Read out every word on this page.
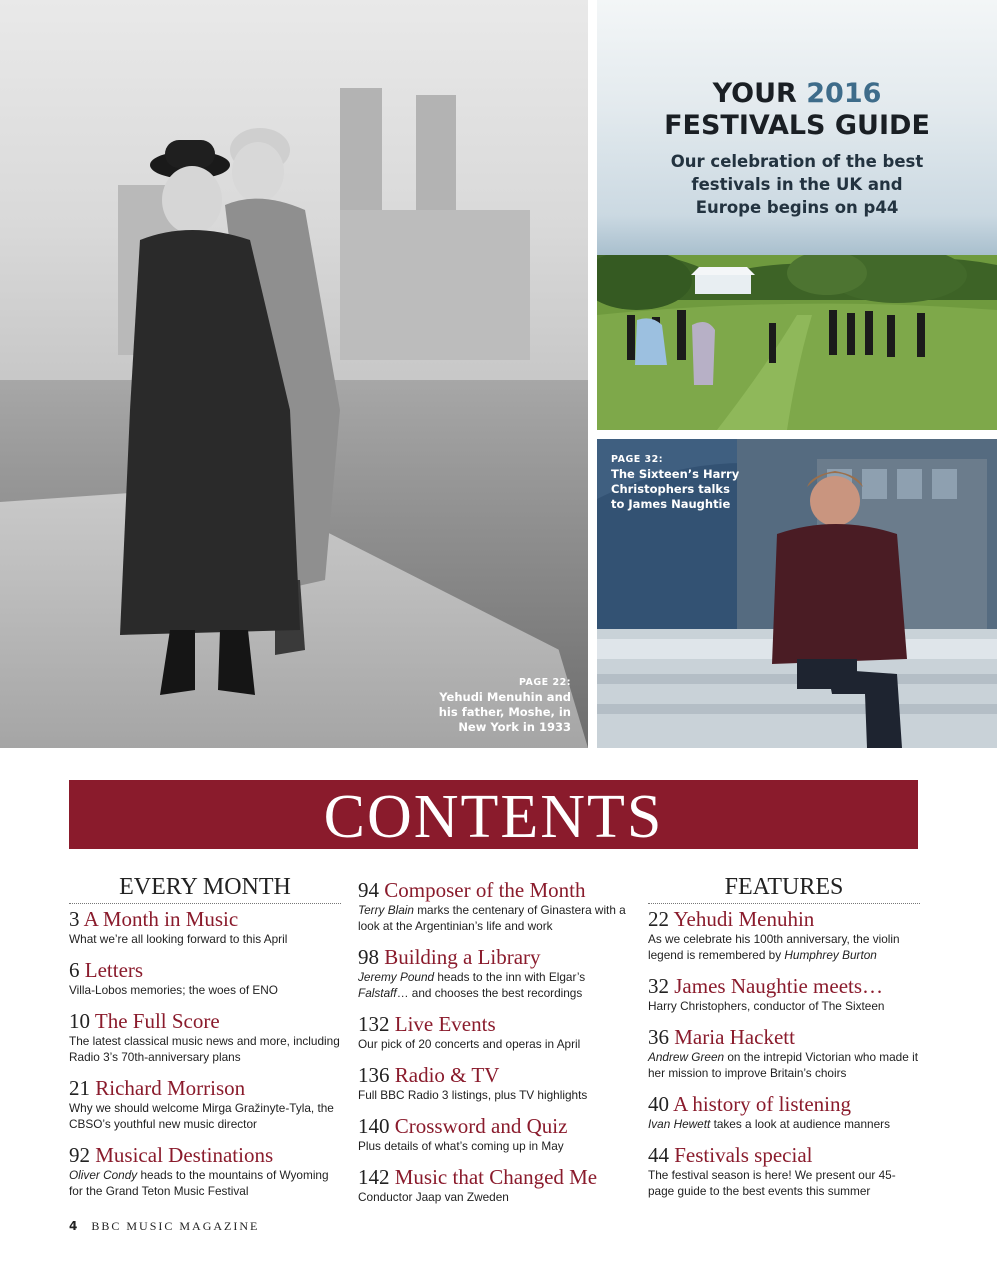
PAGE 22:
Yehudi Menuhin and
his father, Moshe, in
New York in 1933
YOUR 2016
FESTIVALS GUIDE
Our celebration of the best
festivals in the UK and
Europe begins on p44
PAGE 32:
The Sixteen’s Harry
Christophers talks
to James Naughtie
CONTENTS
EVERY MONTH
3 A Month in Music
What we’re all looking forward to this April
6 Letters
Villa-Lobos memories; the woes of ENO
10 The Full Score
The latest classical music news and more, including Radio 3’s 70th-anniversary plans
21 Richard Morrison
Why we should welcome Mirga Gražinyte-Tyla, the CBSO’s youthful new music director
92 Musical Destinations
Oliver Condy heads to the mountains of Wyoming for the Grand Teton Music Festival
94 Composer of the Month
Terry Blain marks the centenary of Ginastera with a look at the Argentinian’s life and work
98 Building a Library
Jeremy Pound heads to the inn with Elgar’s Falstaff… and chooses the best recordings
132 Live Events
Our pick of 20 concerts and operas in April
136 Radio & TV
Full BBC Radio 3 listings, plus TV highlights
140 Crossword and Quiz
Plus details of what’s coming up in May
142 Music that Changed Me
Conductor Jaap van Zweden
FEATURES
22 Yehudi Menuhin
As we celebrate his 100th anniversary, the violin legend is remembered by Humphrey Burton
32 James Naughtie meets…
Harry Christophers, conductor of The Sixteen
36 Maria Hackett
Andrew Green on the intrepid Victorian who made it her mission to improve Britain’s choirs
40 A history of listening
Ivan Hewett takes a look at audience manners
44 Festivals special
The festival season is here! We present our 45-page guide to the best events this summer
4 BBC MUSIC MAGAZINE
